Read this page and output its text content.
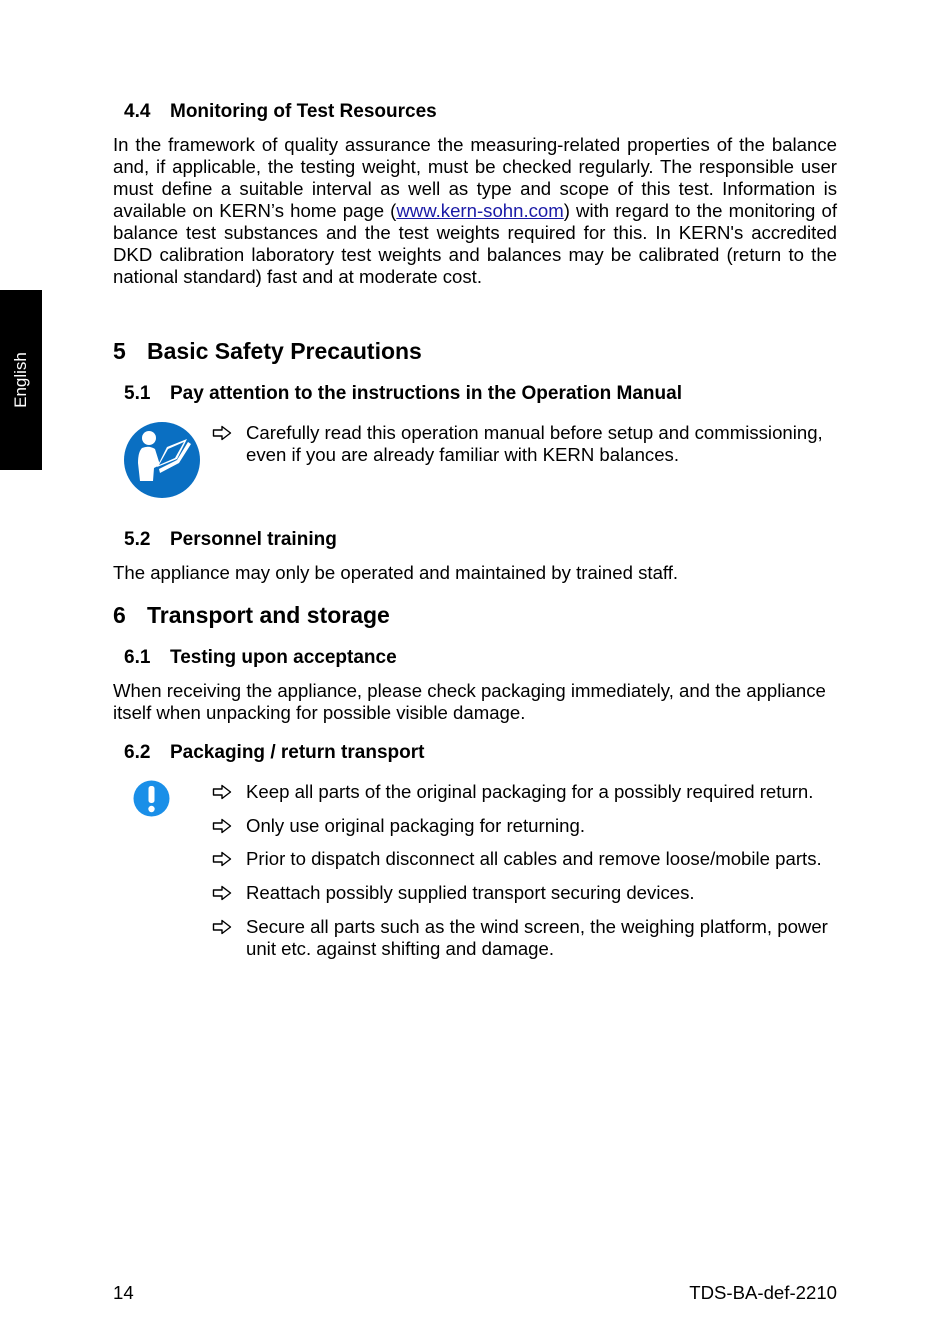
English
4.4 Monitoring of Test Resources
In the framework of quality assurance the measuring-related properties of the balance and, if applicable, the testing weight, must be checked regularly. The responsible user must define a suitable interval as well as type and scope of this test. Information is available on KERN’s home page (www.kern-sohn.com) with regard to the monitoring of balance test substances and the test weights required for this. In KERN's accredited DKD calibration laboratory test weights and balances may be calibrated (return to the national standard) fast and at moderate cost.
5 Basic Safety Precautions
5.1 Pay attention to the instructions in the Operation Manual
Carefully read this operation manual before setup and commissioning, even if you are already familiar with KERN balances.
5.2 Personnel training
The appliance may only be operated and maintained by trained staff.
6 Transport and storage
6.1 Testing upon acceptance
When receiving the appliance, please check packaging immediately, and the appliance itself when unpacking for possible visible damage.
6.2 Packaging / return transport
Keep all parts of the original packaging for a possibly required return.
Only use original packaging for returning.
Prior to dispatch disconnect all cables and remove loose/mobile parts.
Reattach possibly supplied transport securing devices.
Secure all parts such as the wind screen, the weighing platform, power unit etc. against shifting and damage.
14	TDS-BA-def-2210
